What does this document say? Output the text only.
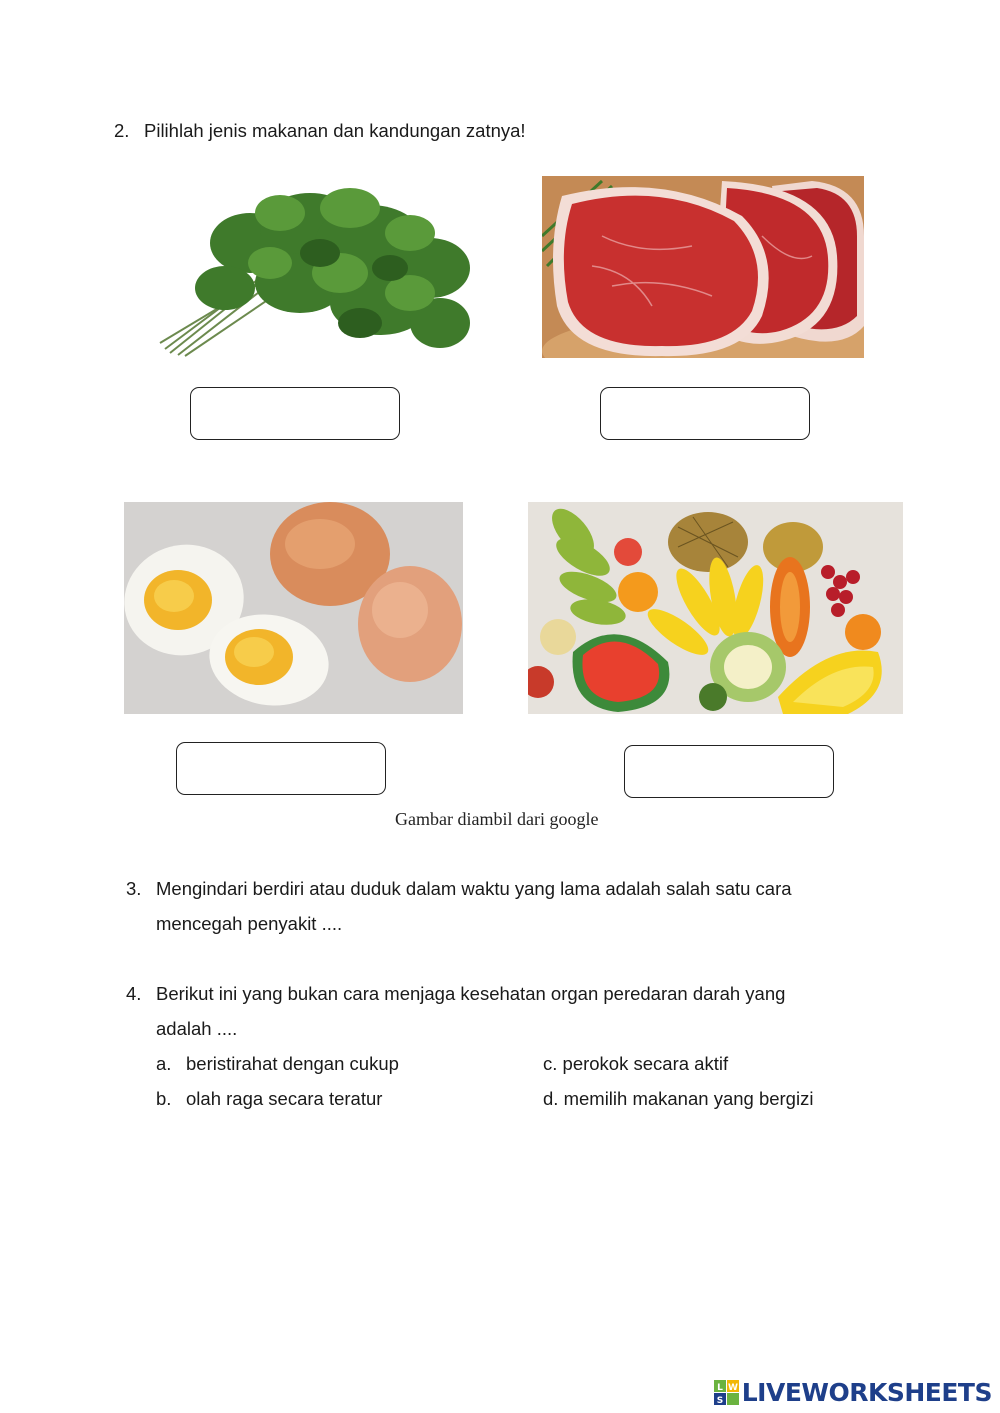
2. Pilihlah jenis makanan dan kandungan zatnya!
Gambar diambil dari google
3. Mengindari berdiri atau duduk dalam waktu yang lama adalah salah satu cara
mencegah penyakit ....
4. Berikut ini yang bukan cara menjaga kesehatan organ peredaran darah yang
adalah ....
a. beristirahat dengan cukup
b. olah raga secara teratur
c. perokok secara aktif
d. memilih makanan yang bergizi
L W
S LIVEWORKSHEETS
